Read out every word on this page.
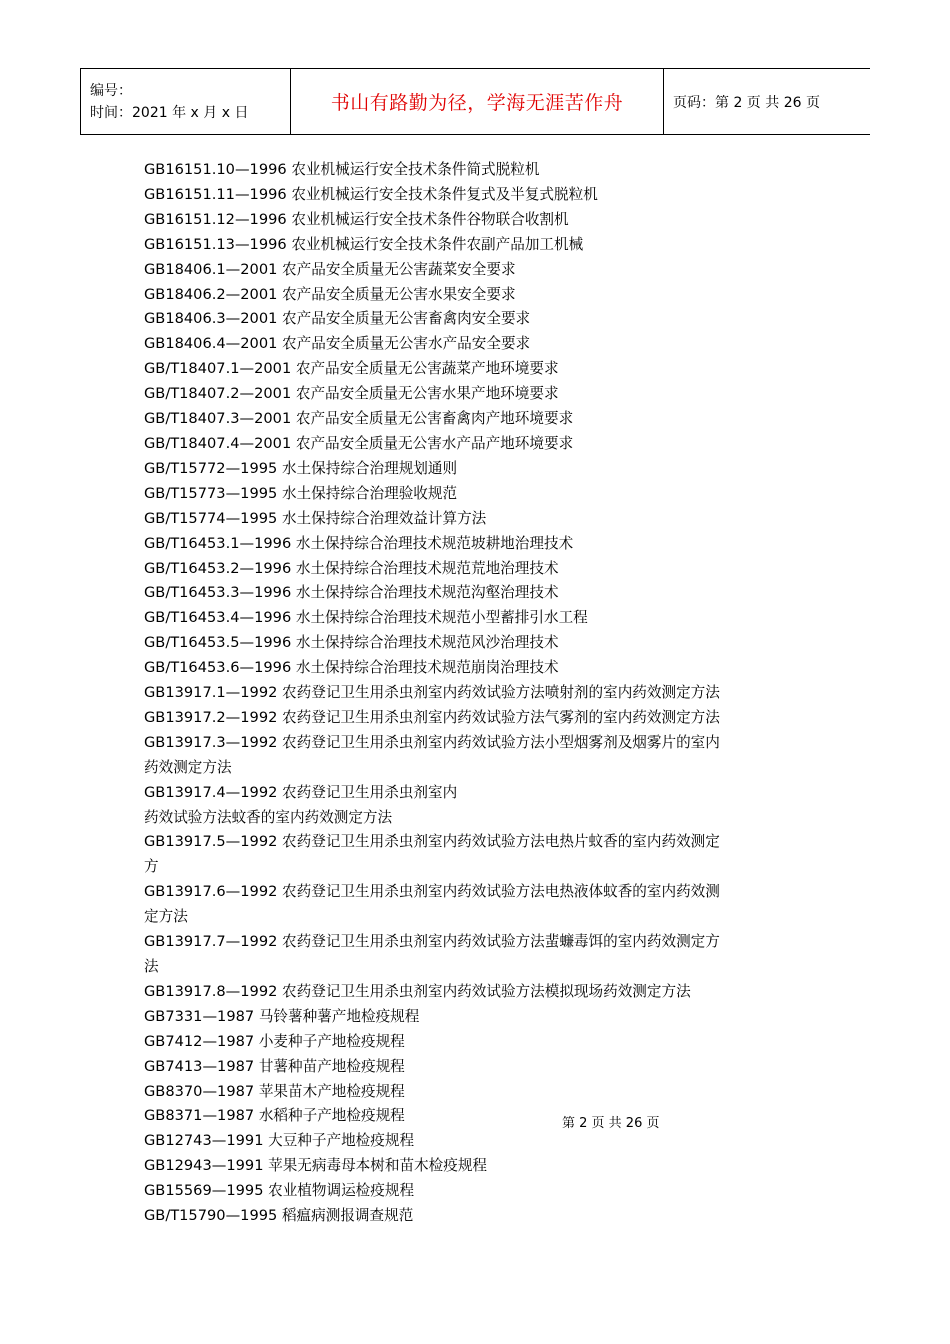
编号：
时间：2021 年 x 月 x 日	书山有路勤为径，学海无涯苦作舟	页码：第 2 页 共 26 页
GB16151.10—1996 农业机械运行安全技术条件简式脱粒机
GB16151.11—1996 农业机械运行安全技术条件复式及半复式脱粒机
GB16151.12—1996 农业机械运行安全技术条件谷物联合收割机
GB16151.13—1996 农业机械运行安全技术条件农副产品加工机械
GB18406.1—2001 农产品安全质量无公害蔬菜安全要求
GB18406.2—2001 农产品安全质量无公害水果安全要求
GB18406.3—2001 农产品安全质量无公害畜禽肉安全要求
GB18406.4—2001 农产品安全质量无公害水产品安全要求
GB/T18407.1—2001 农产品安全质量无公害蔬菜产地环境要求
GB/T18407.2—2001 农产品安全质量无公害水果产地环境要求
GB/T18407.3—2001 农产品安全质量无公害畜禽肉产地环境要求
GB/T18407.4—2001 农产品安全质量无公害水产品产地环境要求
GB/T15772—1995 水土保持综合治理规划通则
GB/T15773—1995 水土保持综合治理验收规范
GB/T15774—1995 水土保持综合治理效益计算方法
GB/T16453.1—1996 水土保持综合治理技术规范坡耕地治理技术
GB/T16453.2—1996 水土保持综合治理技术规范荒地治理技术
GB/T16453.3—1996 水土保持综合治理技术规范沟壑治理技术
GB/T16453.4—1996 水土保持综合治理技术规范小型蓄排引水工程
GB/T16453.5—1996 水土保持综合治理技术规范风沙治理技术
GB/T16453.6—1996 水土保持综合治理技术规范崩岗治理技术
GB13917.1—1992 农药登记卫生用杀虫剂室内药效试验方法喷射剂的室内药效测定方法
GB13917.2—1992 农药登记卫生用杀虫剂室内药效试验方法气雾剂的室内药效测定方法
GB13917.3—1992 农药登记卫生用杀虫剂室内药效试验方法小型烟雾剂及烟雾片的室内
药效测定方法
GB13917.4—1992 农药登记卫生用杀虫剂室内
药效试验方法蚊香的室内药效测定方法
GB13917.5—1992 农药登记卫生用杀虫剂室内药效试验方法电热片蚊香的室内药效测定
方
GB13917.6—1992 农药登记卫生用杀虫剂室内药效试验方法电热液体蚊香的室内药效测
定方法
GB13917.7—1992 农药登记卫生用杀虫剂室内药效试验方法蜚蠊毒饵的室内药效测定方
法
GB13917.8—1992 农药登记卫生用杀虫剂室内药效试验方法模拟现场药效测定方法
GB7331—1987 马铃薯种薯产地检疫规程
GB7412—1987 小麦种子产地检疫规程
GB7413—1987 甘薯种苗产地检疫规程
GB8370—1987 苹果苗木产地检疫规程
GB8371—1987 水稻种子产地检疫规程
GB12743—1991 大豆种子产地检疫规程
GB12943—1991 苹果无病毒母本树和苗木检疫规程
GB15569—1995 农业植物调运检疫规程
GB/T15790—1995 稻瘟病测报调查规范
第 2 页 共 26 页
